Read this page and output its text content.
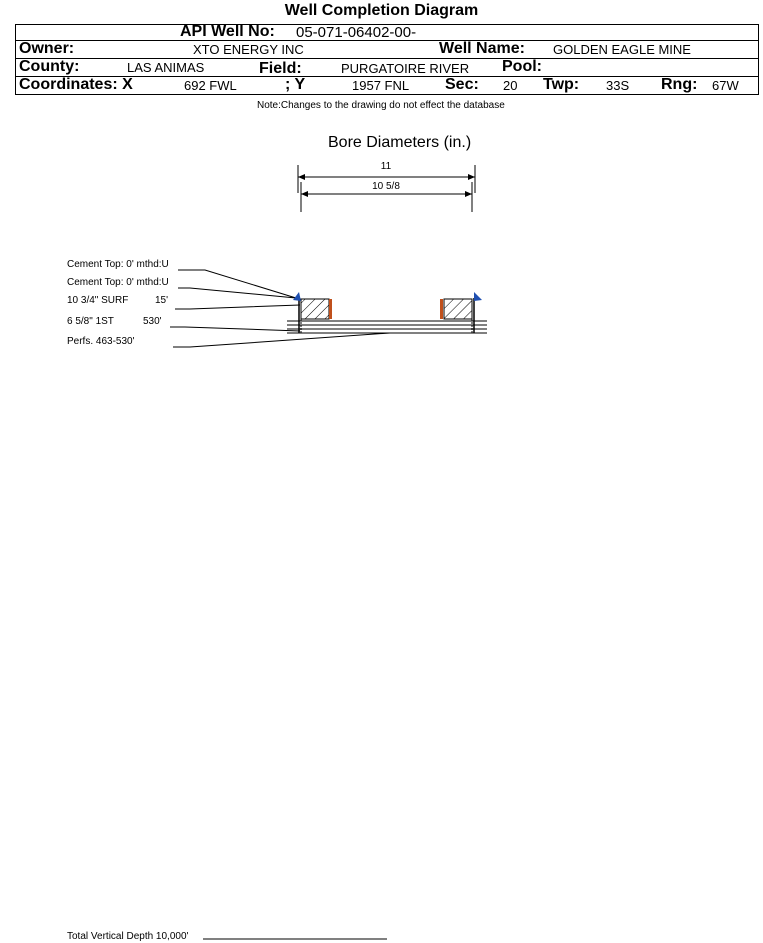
Well Completion Diagram
API Well No: 05-071-06402-00-
Owner:	XTO ENERGY INC	Well Name: GOLDEN EAGLE MINE
County:	LAS ANIMAS	Field:	PURGATOIRE RIVER Pool:
Coordinates: X	692 FWL	; Y	1957 FNL Sec: 20 Twp: 33S Rng: 67W
Note:Changes to the drawing do not effect the database
Bore Diameters (in.)
11
10 5/8
Cement Top: 0' mthd:U
Cement Top: 0' mthd:U
10 3/4" SURF	15'
6 5/8" 1ST	530'
Perfs. 463-530'
Total Vertical Depth 10,000'
